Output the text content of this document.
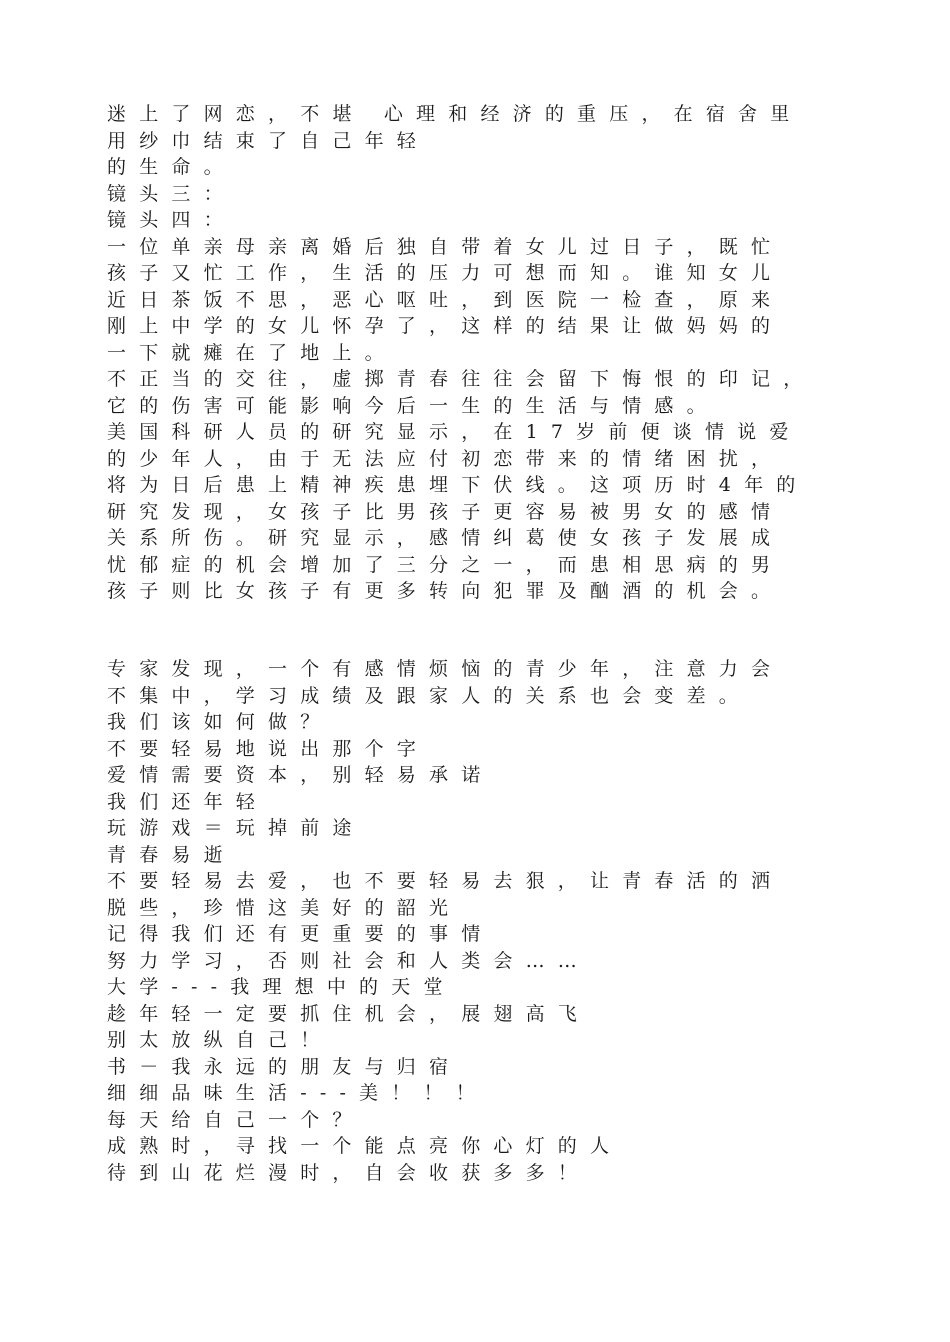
迷上了网恋，不堪 心理和经济的重压，在宿舍里
用纱巾结束了自己年轻
的生命。
镜头三：
镜头四：
一位单亲母亲离婚后独自带着女儿过日子，既忙
孩子又忙工作，生活的压力可想而知。谁知女儿
近日茶饭不思，恶心呕吐，到医院一检查，原来
刚上中学的女儿怀孕了，这样的结果让做妈妈的
一下就瘫在了地上。
不正当的交往，虚掷青春往往会留下悔恨的印记，
它的伤害可能影响今后一生的生活与情感。
美国科研人员的研究显示，在17岁前便谈情说爱
的少年人，由于无法应付初恋带来的情绪困扰，
将为日后患上精神疾患埋下伏线。这项历时4年的
研究发现，女孩子比男孩子更容易被男女的感情
关系所伤。研究显示，感情纠葛使女孩子发展成
忧郁症的机会增加了三分之一，而患相思病的男
孩子则比女孩子有更多转向犯罪及酗酒的机会。
专家发现，一个有感情烦恼的青少年，注意力会
不集中，学习成绩及跟家人的关系也会变差。
我们该如何做？
不要轻易地说出那个字
爱情需要资本，别轻易承诺
我们还年轻
玩游戏＝玩掉前途
青春易逝
不要轻易去爱，也不要轻易去狠，让青春活的洒
脱些，珍惜这美好的韶光
记得我们还有更重要的事情
努力学习，否则社会和人类会……
大学---我理想中的天堂
趁年轻一定要抓住机会，展翅高飞
别太放纵自己！
书－我永远的朋友与归宿
细细品味生活---美！！！
每天给自己一个？
成熟时，寻找一个能点亮你心灯的人
待到山花烂漫时，自会收获多多！
